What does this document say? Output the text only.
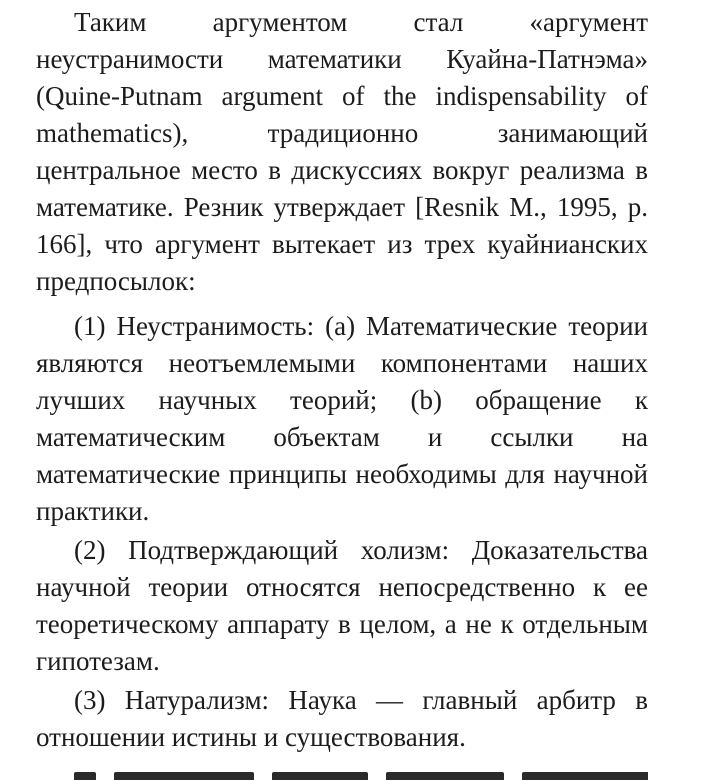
Таким аргументом стал «аргумент неустранимости математики Куайна-Патнэма» (Quine-Putnam argument of the indispensability of mathematics), традиционно занимающий центральное место в дискуссиях вокруг реализма в математике. Резник утверждает [Resnik M., 1995, p. 166], что аргумент вытекает из трех куайнианских предпосылок:

(1) Неустранимость: (a) Математические теории являются неотъемлемыми компонентами наших лучших научных теорий; (b) обращение к математическим объектам и ссылки на математические принципы необходимы для научной практики.

(2) Подтверждающий холизм: Доказательства научной теории относятся непосредственно к ее теоретическому аппарату в целом, а не к отдельным гипотезам.

(3) Натурализм: Наука — главный арбитр в отношении истины и существования.
